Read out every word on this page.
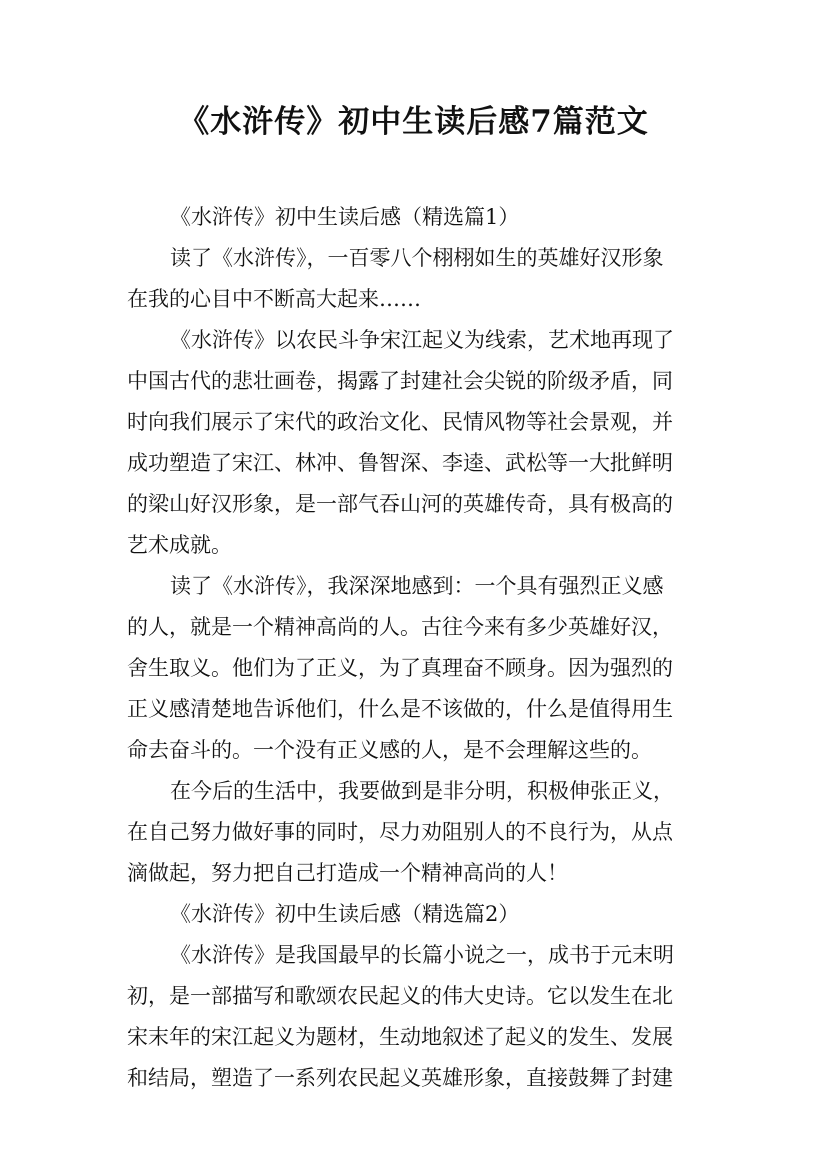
《水浒传》初中生读后感7篇范文
《水浒传》初中生读后感（精选篇1）
读了《水浒传》，一百零八个栩栩如生的英雄好汉形象
在我的心目中不断高大起来……
《水浒传》以农民斗争宋江起义为线索，艺术地再现了
中国古代的悲壮画卷，揭露了封建社会尖锐的阶级矛盾，同
时向我们展示了宋代的政治文化、民情风物等社会景观，并
成功塑造了宋江、林冲、鲁智深、李逵、武松等一大批鲜明
的梁山好汉形象，是一部气吞山河的英雄传奇，具有极高的
艺术成就。
读了《水浒传》，我深深地感到：一个具有强烈正义感
的人，就是一个精神高尚的人。古往今来有多少英雄好汉，
舍生取义。他们为了正义，为了真理奋不顾身。因为强烈的
正义感清楚地告诉他们，什么是不该做的，什么是值得用生
命去奋斗的。一个没有正义感的人，是不会理解这些的。
在今后的生活中，我要做到是非分明，积极伸张正义，
在自己努力做好事的同时，尽力劝阻别人的不良行为，从点
滴做起，努力把自己打造成一个精神高尚的人！
《水浒传》初中生读后感（精选篇2）
《水浒传》是我国最早的长篇小说之一，成书于元末明
初，是一部描写和歌颂农民起义的伟大史诗。它以发生在北
宋末年的宋江起义为题材，生动地叙述了起义的发生、发展
和结局，塑造了一系列农民起义英雄形象，直接鼓舞了封建
